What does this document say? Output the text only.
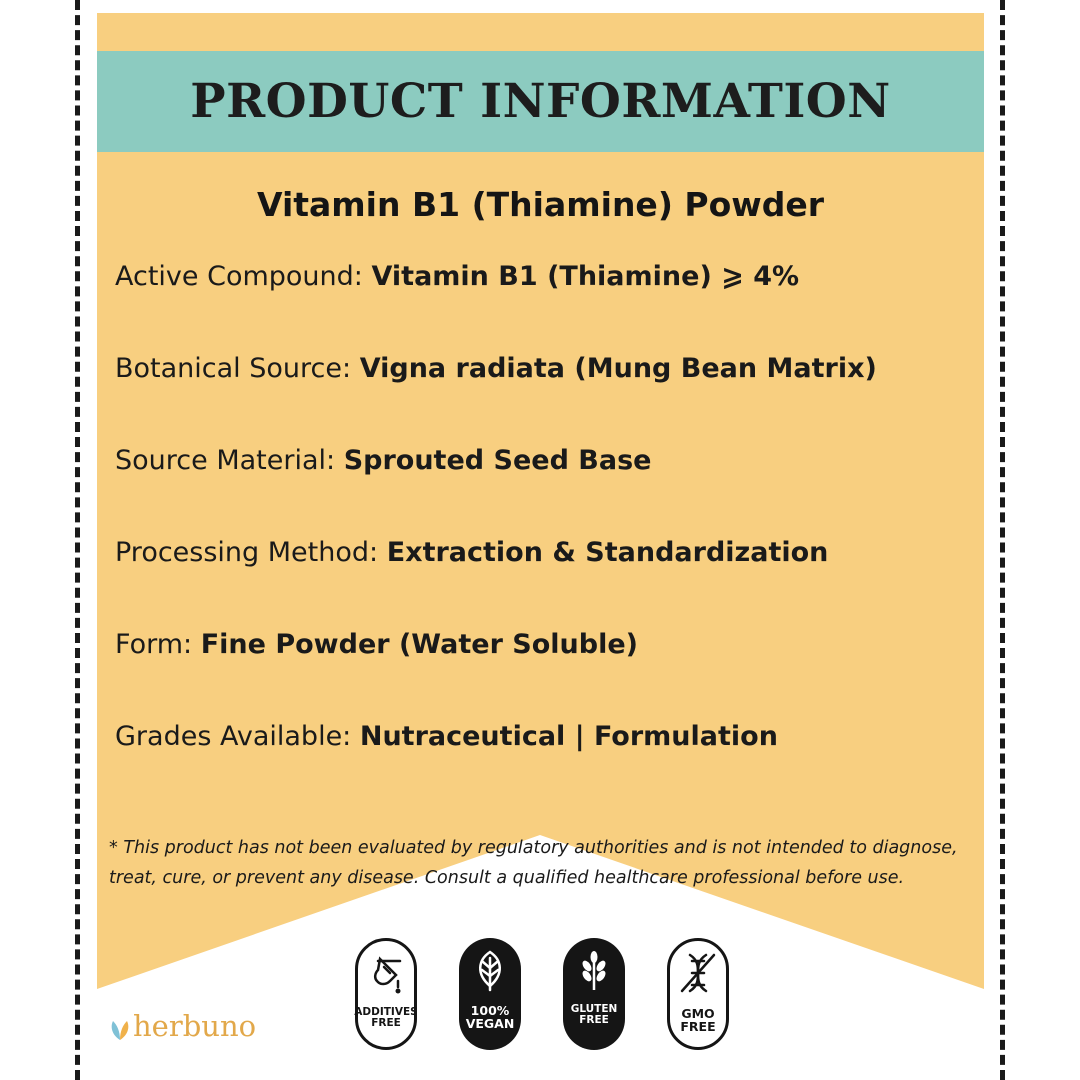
PRODUCT INFORMATION
Vitamin B1 (Thiamine) Powder
Active Compound: Vitamin B1 (Thiamine) ⩾ 4%
Botanical Source: Vigna radiata (Mung Bean Matrix)
Source Material: Sprouted Seed Base
Processing Method: Extraction & Standardization
Form: Fine Powder (Water Soluble)
Grades Available: Nutraceutical | Formulation
* This product has not been evaluated by regulatory authorities and is not intended to diagnose, treat, cure, or prevent any disease. Consult a qualified healthcare professional before use.
herbuno	ADDITIVES
FREE
100%
VEGAN
GLUTEN
FREE	GMO
FREE
